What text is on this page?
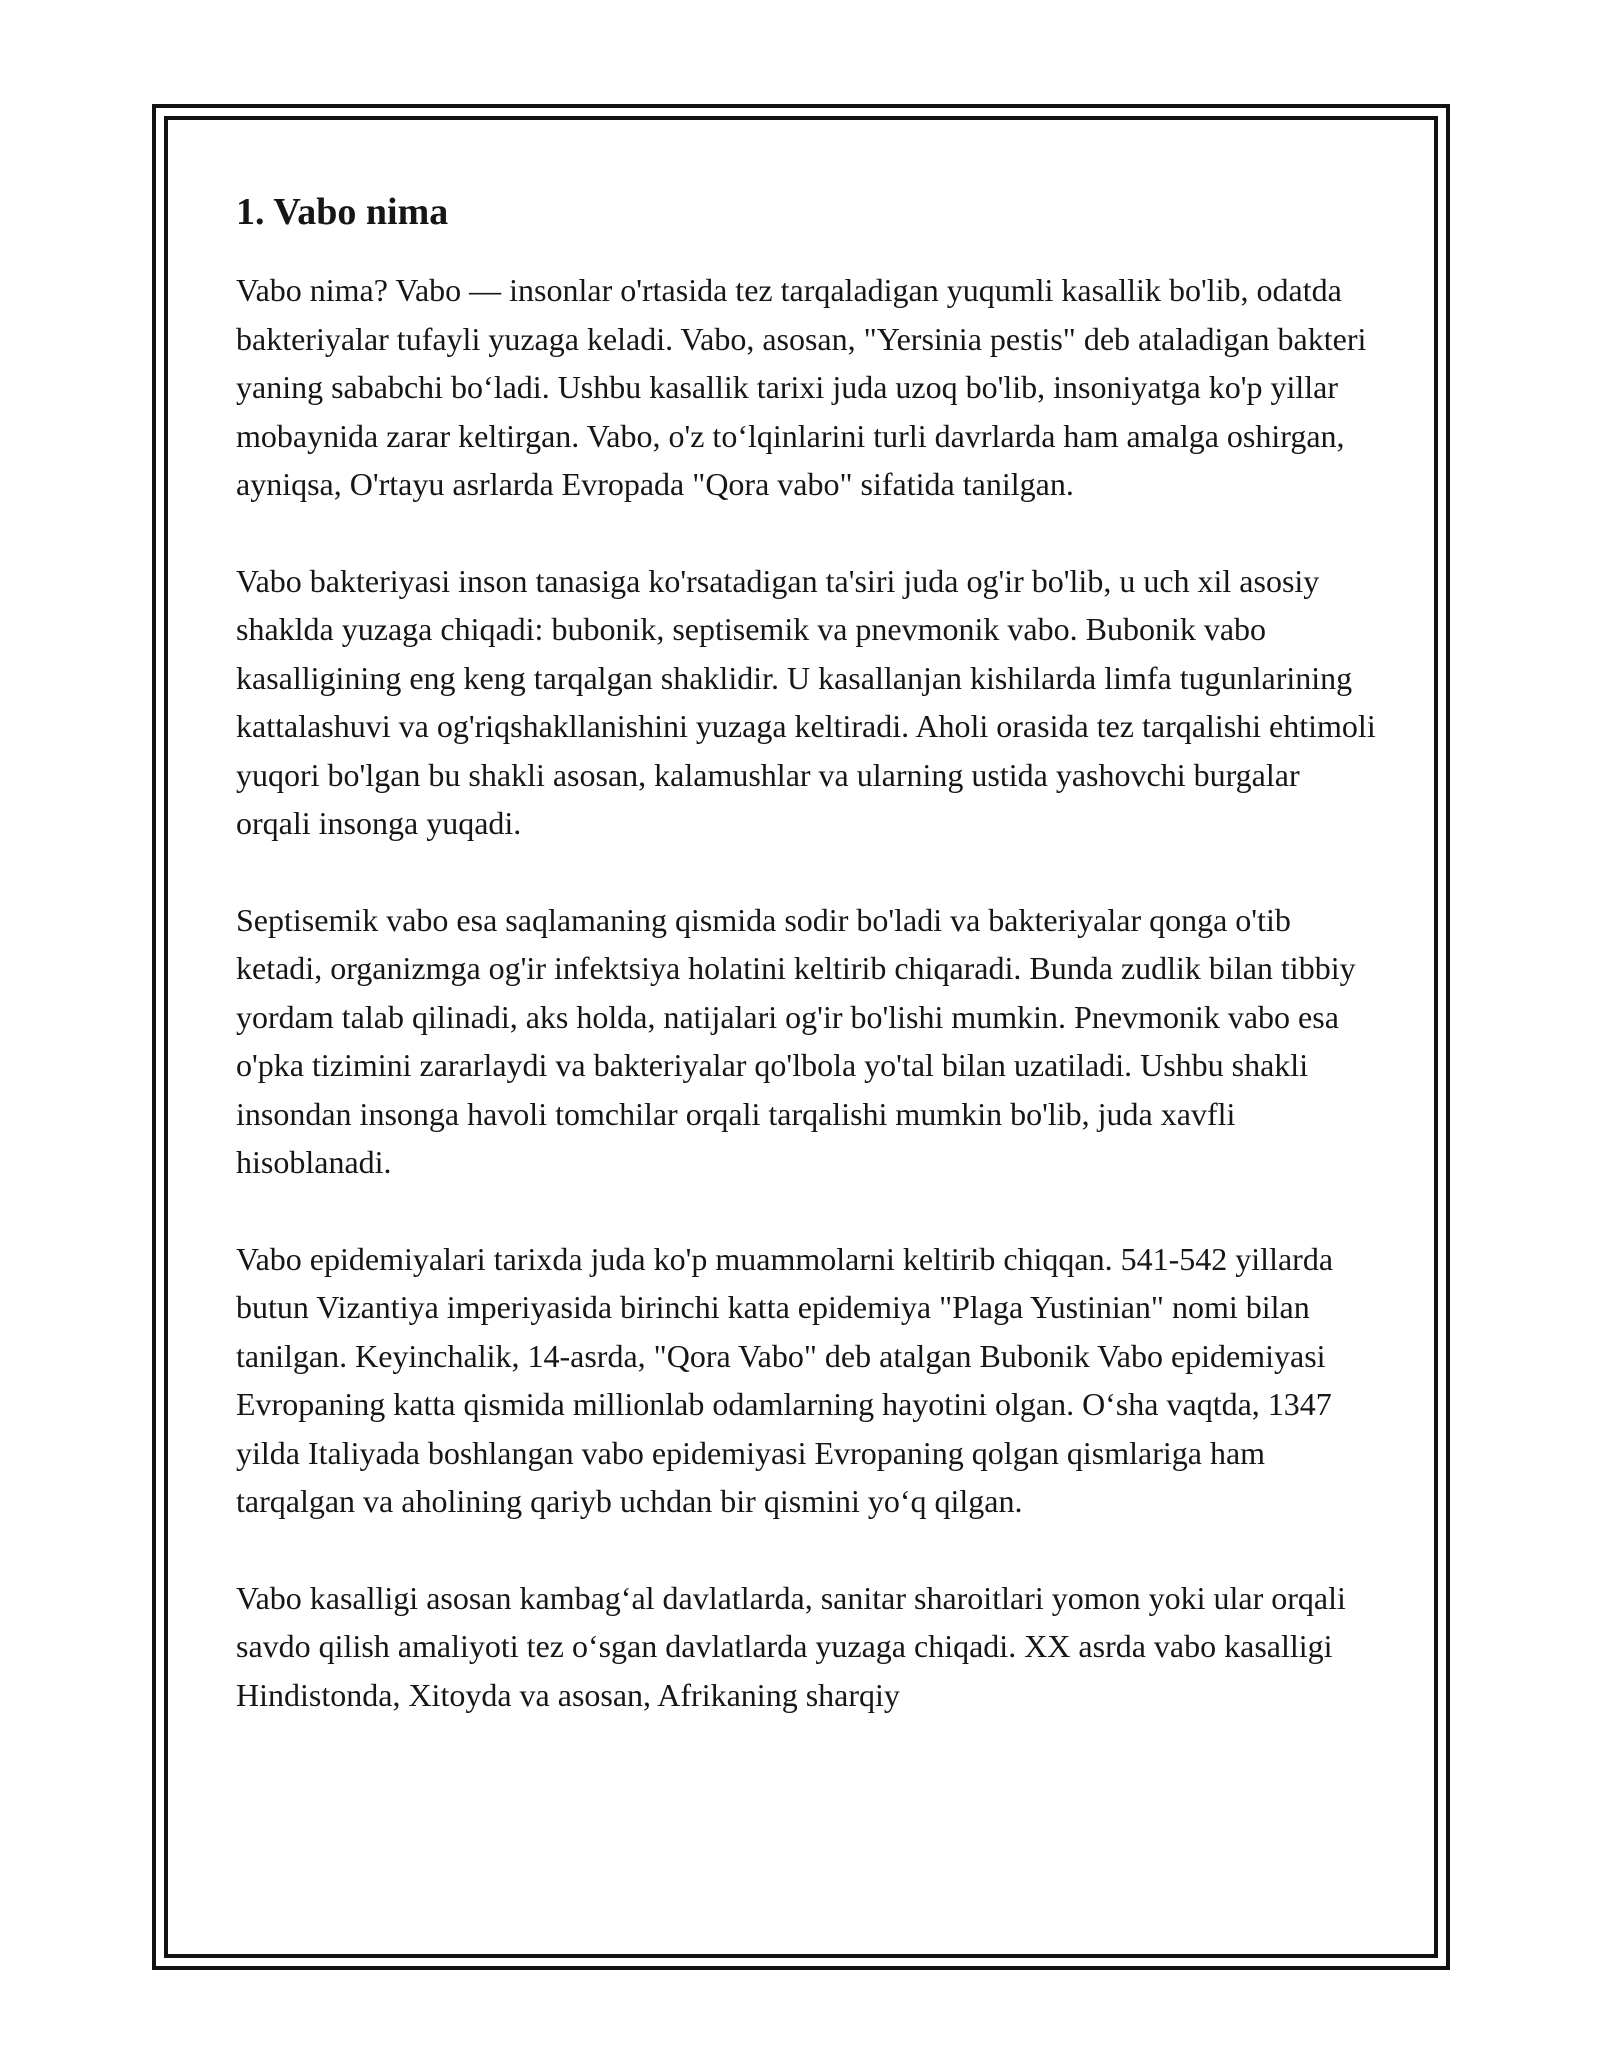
1. Vabo nima

Vabo nima? Vabo — insonlar o'rtasida tez tarqaladigan yuqumli kasallik bo'lib, odatda bakteriyalar tufayli yuzaga keladi. Vabo, asosan, "Yersinia pestis" deb ataladigan bakteri yaning sababchi bo‘ladi. Ushbu kasallik tarixi juda uzoq bo'lib, insoniyatga ko'p yillar mobaynida zarar keltirgan. Vabo, o'z to‘lqinlarini turli davrlarda ham amalga oshirgan, ayniqsa, O'rtayu asrlarda Evropada "Qora vabo" sifatida tanilgan.

Vabo bakteriyasi inson tanasiga ko'rsatadigan ta'siri juda og'ir bo'lib, u uch xil asosiy shaklda yuzaga chiqadi: bubonik, septisemik va pnevmonik vabo. Bubonik vabo kasalligining eng keng tarqalgan shaklidir. U kasallanjan kishilarda limfa tugunlarining kattalashuvi va og'riqshakllanishini yuzaga keltiradi. Aholi orasida tez tarqalishi ehtimoli yuqori bo'lgan bu shakli asosan, kalamushlar va ularning ustida yashovchi burgalar orqali insonga yuqadi.

Septisemik vabo esa saqlamaning qismida sodir bo'ladi va bakteriyalar qonga o'tib ketadi, organizmga og'ir infektsiya holatini keltirib chiqaradi. Bunda zudlik bilan tibbiy yordam talab qilinadi, aks holda, natijalari og'ir bo'lishi mumkin. Pnevmonik vabo esa o'pka tizimini zararlaydi va bakteriyalar qo'lbola yo'tal bilan uzatiladi. Ushbu shakli insondan insonga havoli tomchilar orqali tarqalishi mumkin bo'lib, juda xavfli hisoblanadi.

Vabo epidemiyalari tarixda juda ko'p muammolarni keltirib chiqqan. 541-542 yillarda butun Vizantiya imperiyasida birinchi katta epidemiya "Plaga Yustinian" nomi bilan tanilgan. Keyinchalik, 14-asrda, "Qora Vabo" deb atalgan Bubonik Vabo epidemiyasi Evropaning katta qismida millionlab odamlarning hayotini olgan. O‘sha vaqtda, 1347 yilda Italiyada boshlangan vabo epidemiyasi Evropaning qolgan qismlariga ham tarqalgan va aholining qariyb uchdan bir qismini yo‘q qilgan.

Vabo kasalligi asosan kambag‘al davlatlarda, sanitar sharoitlari yomon yoki ular orqali savdo qilish amaliyoti tez o‘sgan davlatlarda yuzaga chiqadi. XX asrda vabo kasalligi Hindistonda, Xitoyda va asosan, Afrikaning sharqiy
